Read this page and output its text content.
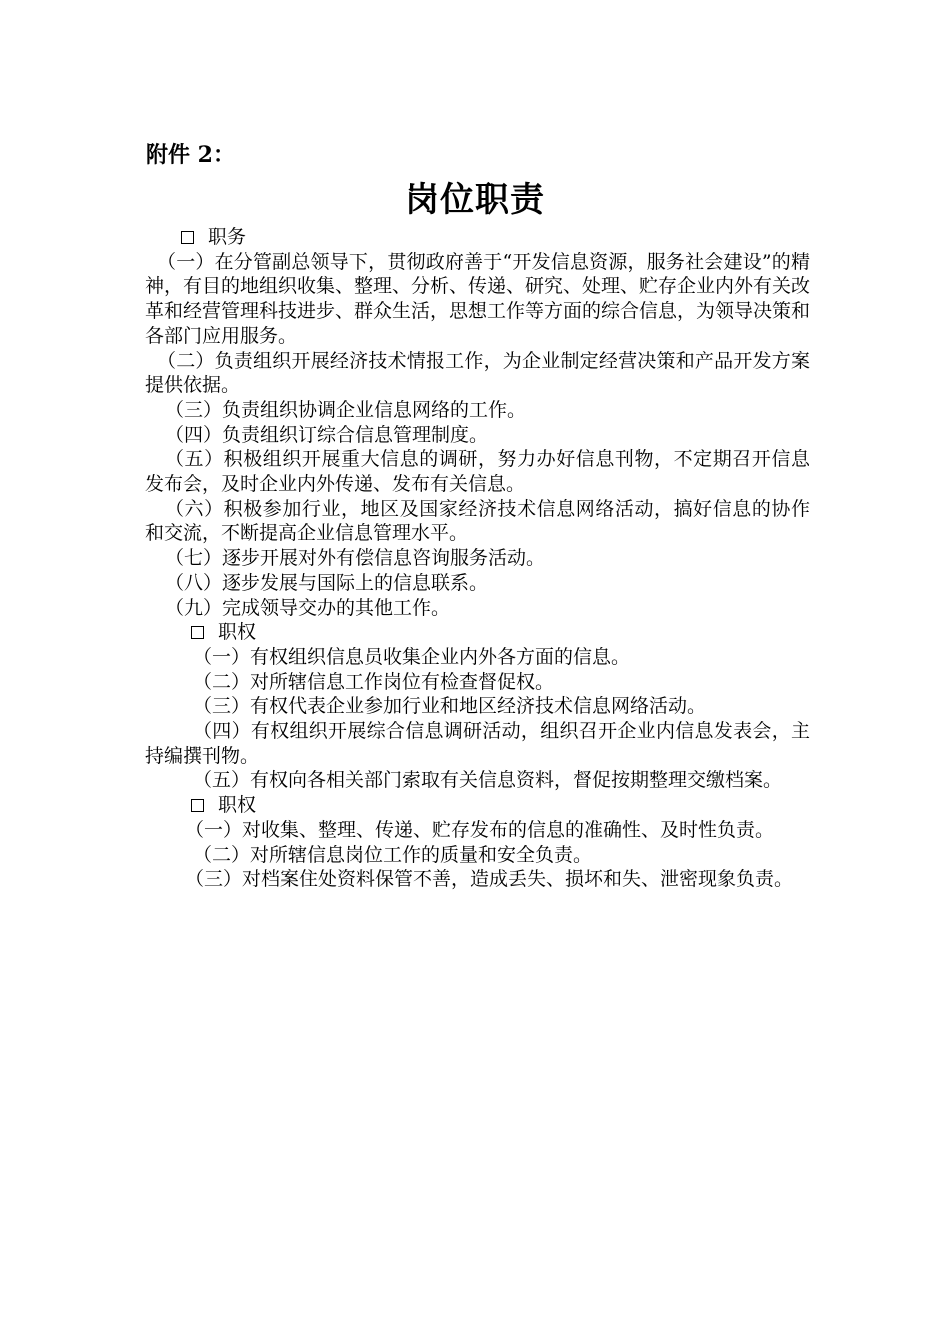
附件 2：
岗位职责
职务

（一）在分管副总领导下，贯彻政府善于“开发信息资源，服务社会建设”的精神，有目的地组织收集、整理、分析、传递、研究、处理、贮存企业内外有关改革和经营管理科技进步、群众生活，思想工作等方面的综合信息，为领导决策和各部门应用服务。

（二）负责组织开展经济技术情报工作，为企业制定经营决策和产品开发方案提供依据。

（三）负责组织协调企业信息网络的工作。

（四）负责组织订综合信息管理制度。

（五）积极组织开展重大信息的调研，努力办好信息刊物，不定期召开信息发布会，及时企业内外传递、发布有关信息。

（六）积极参加行业，地区及国家经济技术信息网络活动，搞好信息的协作和交流，不断提高企业信息管理水平。

（七）逐步开展对外有偿信息咨询服务活动。

（八）逐步发展与国际上的信息联系。

（九）完成领导交办的其他工作。

职权

（一）有权组织信息员收集企业内外各方面的信息。

（二）对所辖信息工作岗位有检查督促权。

（三）有权代表企业参加行业和地区经济技术信息网络活动。

（四）有权组织开展综合信息调研活动，组织召开企业内信息发表会，主持编撰刊物。

（五）有权向各相关部门索取有关信息资料，督促按期整理交缴档案。

职权

（一）对收集、整理、传递、贮存发布的信息的准确性、及时性负责。

（二）对所辖信息岗位工作的质量和安全负责。

（三）对档案住处资料保管不善，造成丢失、损坏和失、泄密现象负责。
